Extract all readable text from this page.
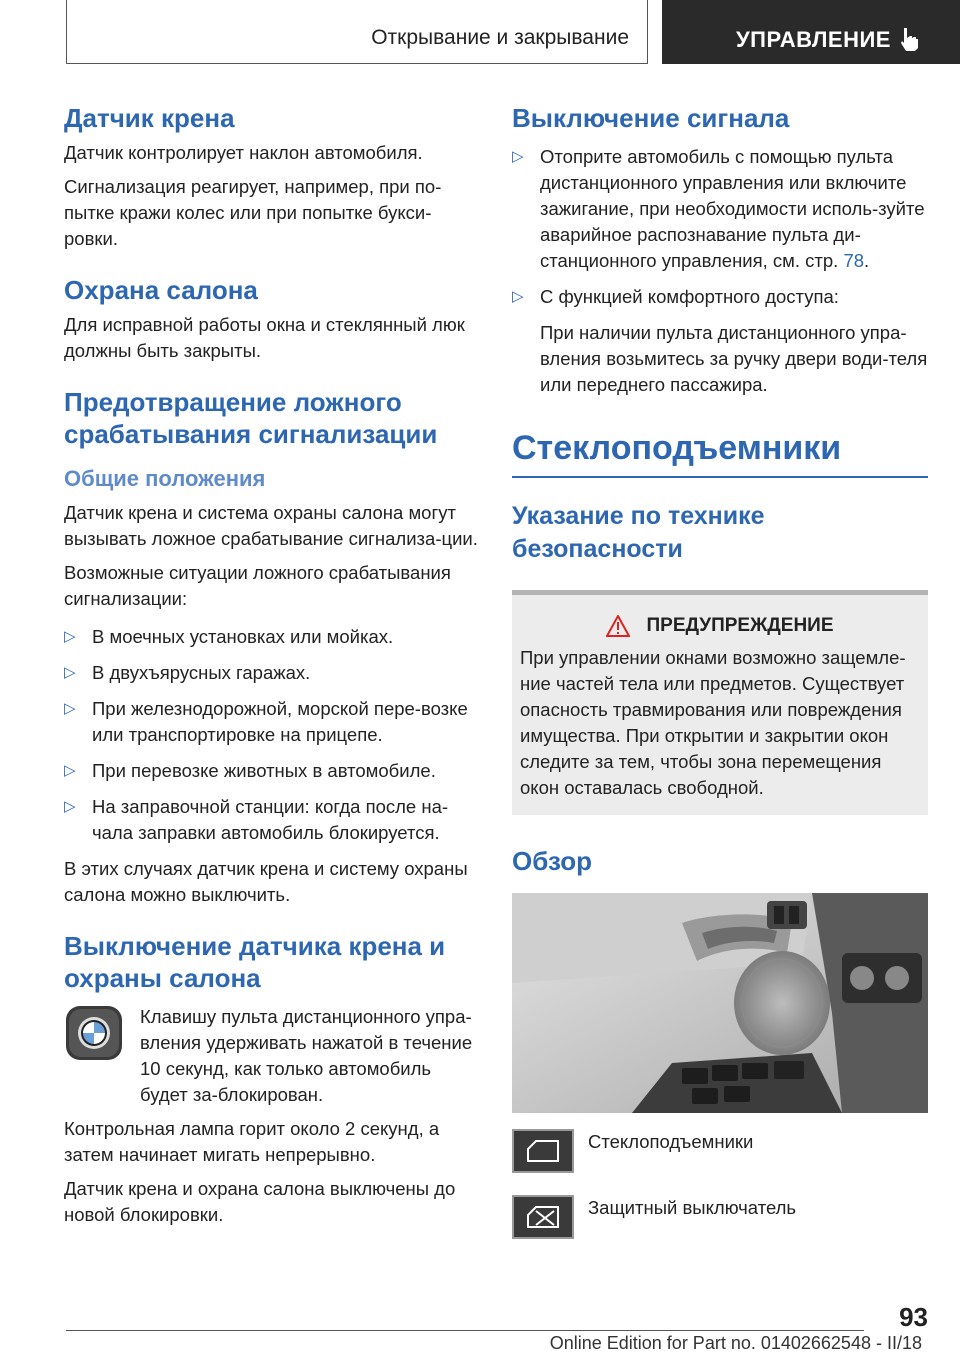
Открывание и закрывание	УПРАВЛЕНИЕ
Датчик крена

Датчик контролирует наклон автомобиля.

Сигнализация реагирует, например, при по-пытке кражи колес или при попытке букси-ровки.

Охрана салона

Для исправной работы окна и стеклянный люк должны быть закрыты.

Предотвращение ложного срабатывания сигнализации
Общие положения

Датчик крена и система охраны салона могут вызывать ложное срабатывание сигнализа-ции.

Возможные ситуации ложного срабатывания сигнализации:

▷ В моечных установках или мойках.
▷ В двухъярусных гаражах.
▷ При железнодорожной, морской пере-возке или транспортировке на прицепе.
▷ При перевозке животных в автомобиле.
▷ На заправочной станции: когда после на-чала заправки автомобиль блокируется.

В этих случаях датчик крена и систему охраны салона можно выключить.

Выключение датчика крена и охраны салона

Клавишу пульта дистанционного упра-вления удерживать нажатой в течение 10 секунд, как только автомобиль будет за-блокирован.

Контрольная лампа горит около 2 секунд, а затем начинает мигать непрерывно.

Датчик крена и охрана салона выключены до новой блокировки.

Выключение сигнала
▷ Отоприте автомобиль с помощью пульта дистанционного управления или включите зажигание, при необходимости исполь-зуйте аварийное распознавание пульта ди-станционного управления, см. стр. 78.
▷ С функцией комфортного доступа:
При наличии пульта дистанционного упра-вления возьмитесь за ручку двери води-теля или переднего пассажира.
Стеклоподъемники
Указание по технике безопасности
ПРЕДУПРЕЖДЕНИЕ

При управлении окнами возможно защемле-ние частей тела или предметов. Существует опасность травмирования или повреждения имущества. При открытии и закрытии окон следите за тем, чтобы зона перемещения окон оставалась свободной.

Обзор
Стеклоподъемники
Защитный выключатель
93
Online Edition for Part no. 01402662548 - II/18
